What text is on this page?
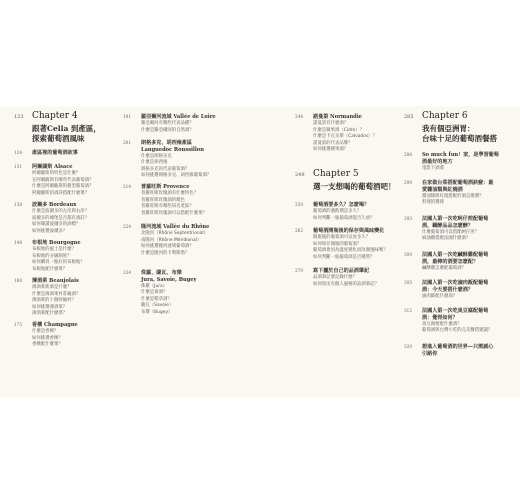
123 Chapter 4
跟著Cella 到產區，
探索葡萄酒風味
124 產區裡的葡萄酒故事
131 阿爾薩斯 Alsace
阿爾薩斯的特色是什麼？
在阿爾薩斯有哪些代表葡萄酒？
什麼是阿爾薩斯的甜型葡萄酒？
阿爾薩斯的酒該搭配什麼菜？
138 波爾多 Bordeaux
什麼是波爾多的左岸與右岸？
波爾多的城堡是否都有酒莊？
如何閱讀波爾多的酒標？
如何挑選波爾多？
148 布根地 Bourgogne
布根地的風土是什麼？
布根地的分級制度？
如何購買一瓶好的布根地？
布根地配什麼菜？
160 薄酒萊 Beaujolais
薄酒萊新酒是什麼？
什麼是薄酒萊村莊級酒？
薄酒萊的十個特級村？
如何挑選薄酒萊？
薄酒萊配什麼菜？
175 香檳 Champagne
什麼是香檳？
如何挑選香檳？
香檳配什麼菜？
191 羅亞爾河流域 Vallée de Loire
羅亞爾河有哪些代表品種？
什麼是羅亞爾河的自然酒？
201 朗格多克、胡西雍產區
Languedoc Roussillon
什麼是朗格多克
什麼是胡西雍
朗格多克的代表葡萄酒？
如何挑選朗格多克、胡西雍葡萄酒？
214 普羅旺斯 Provence
普羅旺斯玫瑰酒有什麼特色？
普羅旺斯玫瑰酒的顏色
普羅旺斯有哪些知名產區？
普羅旺斯玫瑰酒可以搭配什麼菜？
224 隆河流域 Vallée du Rhône
北隆河（Rhône Septentrional）
南隆河（Rhône Méridional）
如何挑選隆河流域葡萄酒？
什麼是隆河的卡利斯塔？
234 侏羅、薩瓦、布傑
Jura, Savoie, Bugey
侏羅（Jura）
什麼是黃酒？
什麼是稻草酒？
薩瓦（Savoie）
布傑（Bugey）
244 諾曼第 Normandie
諾曼第有什麼酒？
什麼是蘋果酒（Cidre）？
什麼是卡瓦多斯（Calvados）？
諾曼第的代表品牌？
如何挑選蘋果酒？
249 Chapter 5
選一支想喝的葡萄酒吧！
250 葡萄酒要多久？怎麼喝？
葡萄酒的適飲期是多久？
如何判斷一瓶葡萄酒能否久放？
262 葡萄酒開瓶後的保存與風味變化
開瓶後的葡萄酒可以放多久？
如何保存開瓶的葡萄酒？
葡萄酒會因為溫度變化而改變風味嗎？
如何判斷一瓶葡萄酒是否變質？
270 寫下屬於自己的品酒筆記
品酒筆記要記錄什麼？
如何寫出有個人風格的品酒筆記？
285 Chapter 6
我有個亞洲胃：
台味十足的葡萄酒餐搭
286 So much fun！家，是學習葡萄
酒最好的地方
電影下酒菜
290 在家做台菜搭配葡萄酒訣竅：最
愛醬油類與紅燒酒
醬油類與紅燒搭配的酒怎麼選？
料理的選擇
293 法國人第一次吃蚵仔煎配葡萄
酒，聽酵品品怎麼酵？
什麼葡萄酒可以搭配蚵仔煎？
麻油雞搭配法國什麼酒？
300 法國人第一次吃鹹酥雞配葡萄
酒，最棒的酒要怎麼配？
鹹酥雞怎麼配葡萄酒？
305 法國人第一次吃滷肉飯配葡萄
酒：今天要搭什麼酒？
滷肉飯配什麼酒？
312 法國人第一次吃臭豆腐配葡萄
酒：覺得如何？
臭豆腐要配什麼酒？
葡萄酒與台灣小吃的完美餐搭建議？
320 想進入葡萄酒的世界—只需誠心
引路你
